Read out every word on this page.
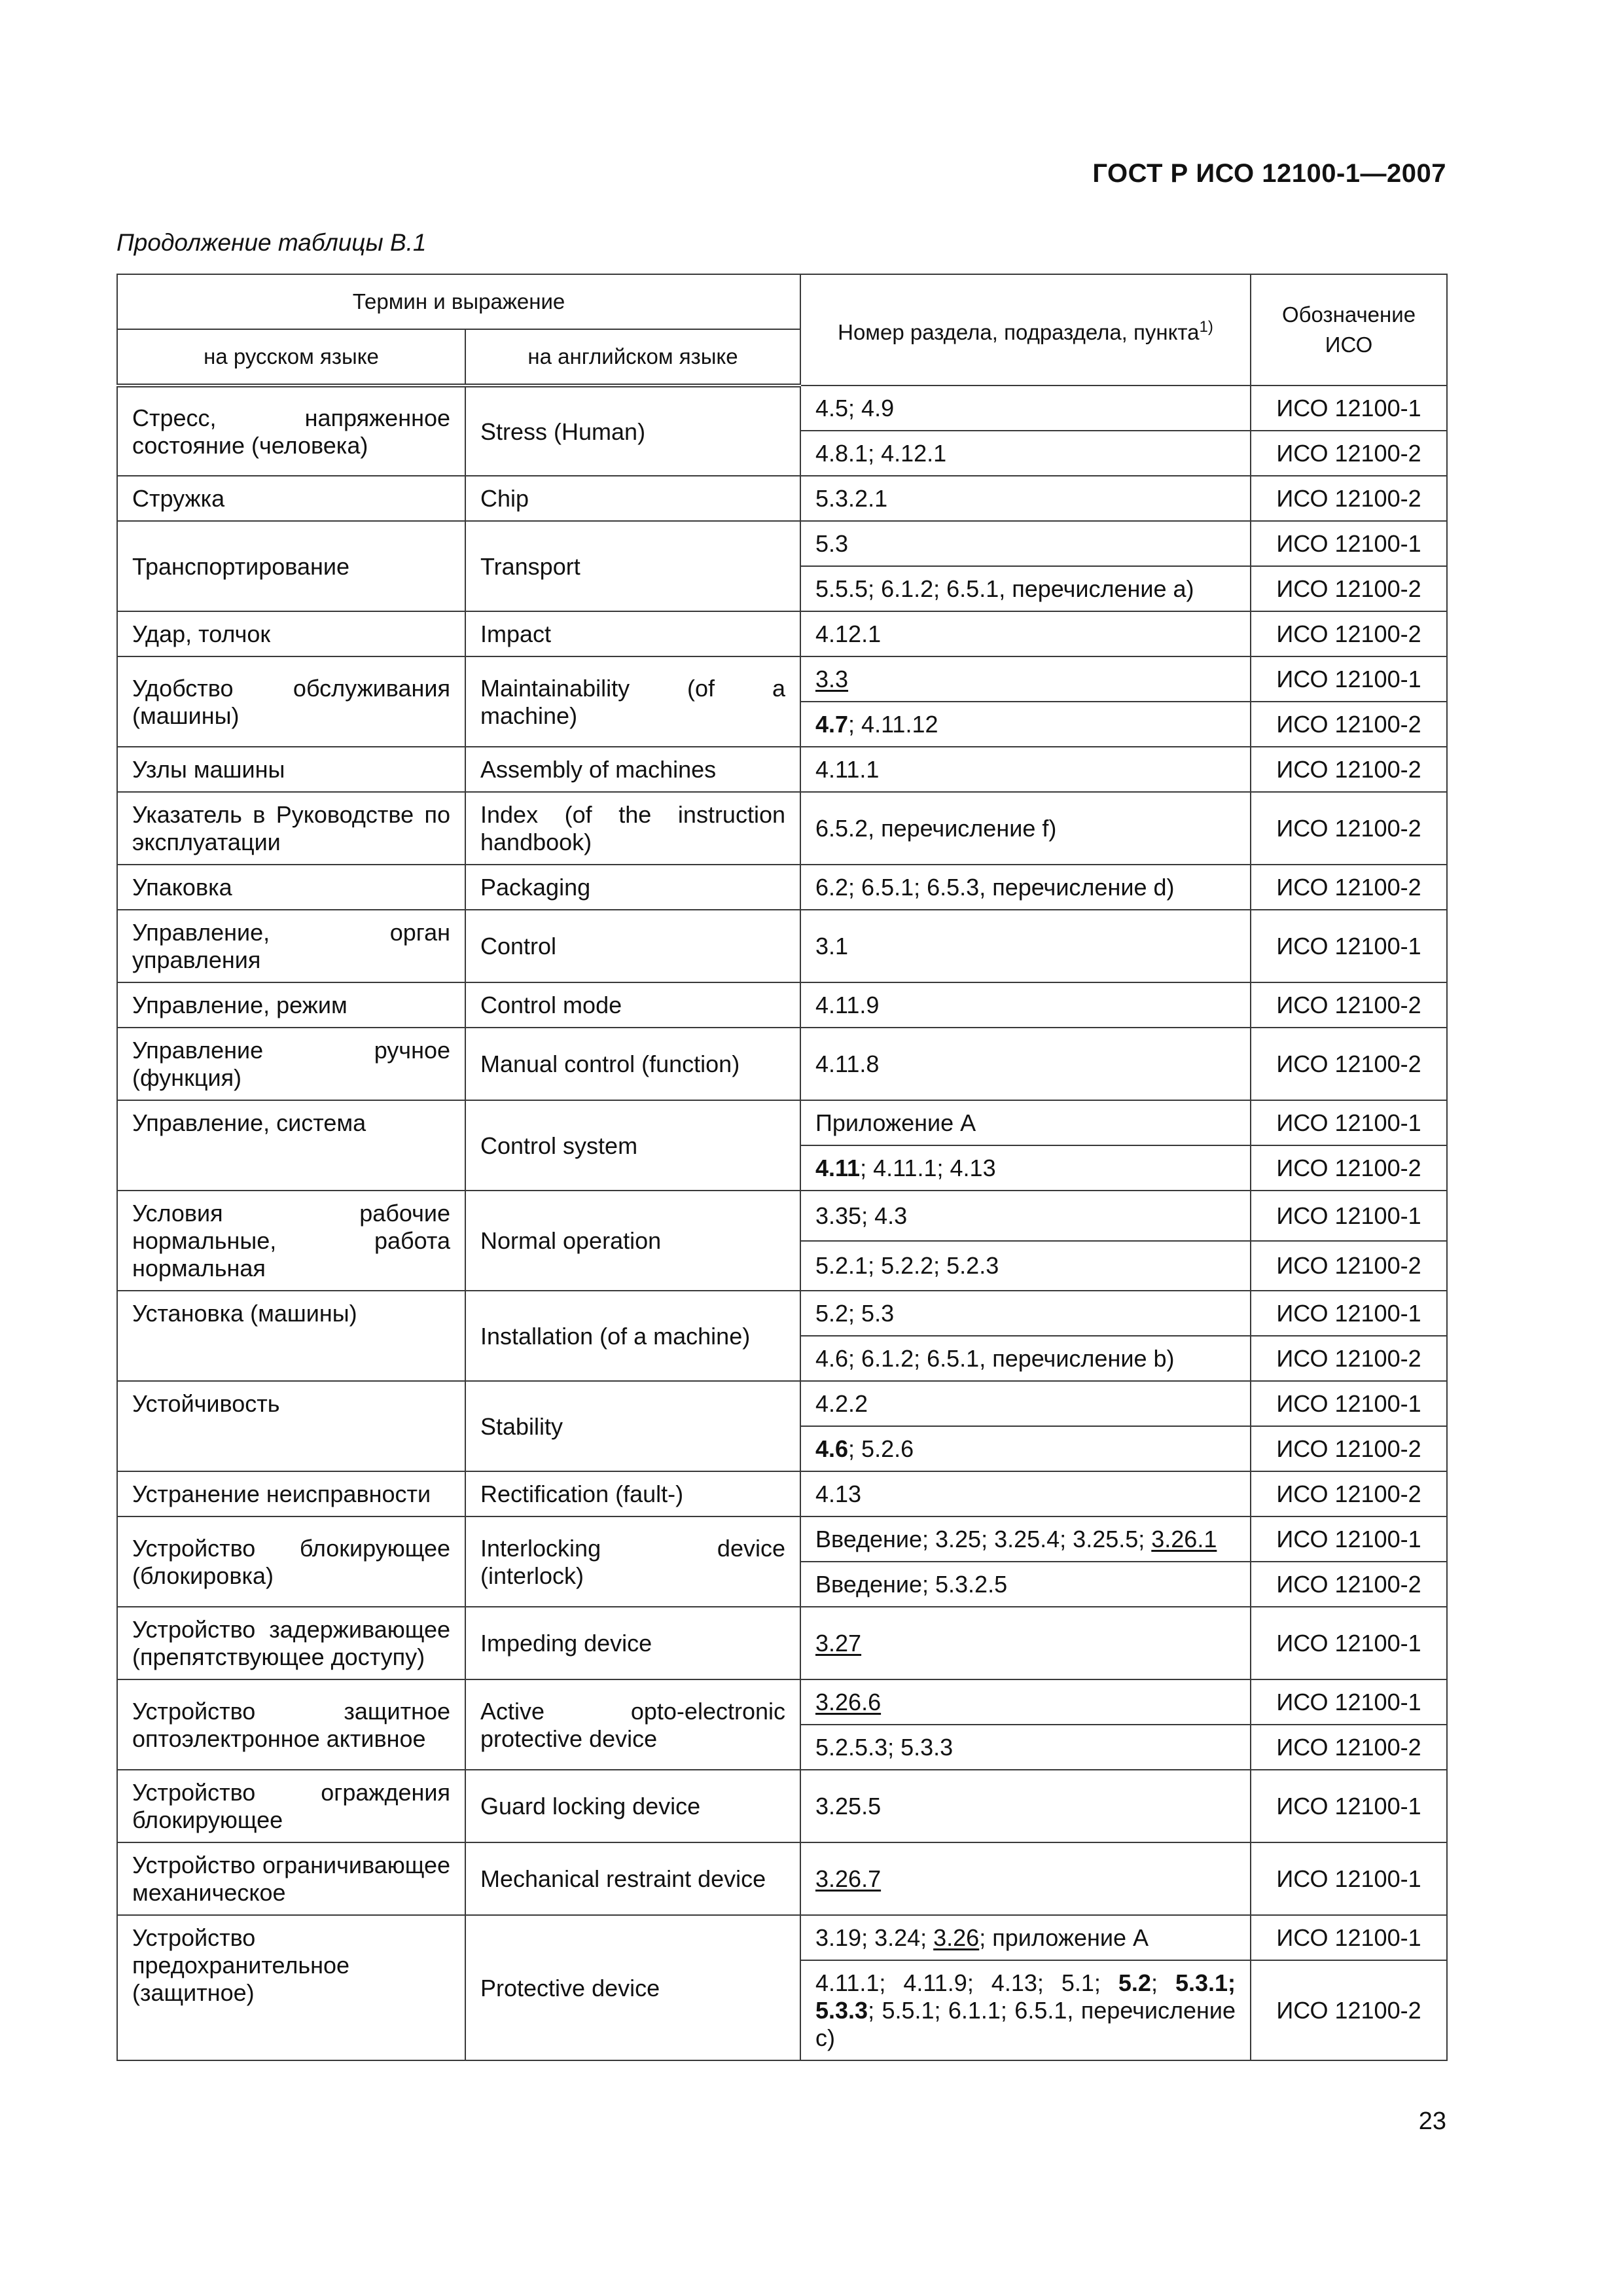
ГОСТ Р ИСО 12100-1—2007
Продолжение таблицы В.1
Термин и выражение		Номер раздела, подраздела, пункта$^{1)}$	Обозначение ИСО
на русском языке	на английском языке		
Стресс, напряженное состояние (человека)	Stress (Human)	4.5; 4.9	ИСО 12100-1
		4.8.1; 4.12.1	ИСО 12100-2
Стружка	Chip	5.3.2.1	ИСО 12100-2
Транспортирование	Transport	5.3	ИСО 12100-1
		5.5.5; 6.1.2; 6.5.1, перечисление а)	ИСО 12100-2
Удар, толчок	Impact	4.12.1	ИСО 12100-2
Удобство обслуживания (машины)	Maintainability (of a machine)	3.3	ИСО 12100-1
		4.7; 4.11.12	ИСО 12100-2
Узлы машины	Assembly of machines	4.11.1	ИСО 12100-2
Указатель в Руководстве по эксплуатации	Index (of the instruction handbook)	6.5.2, перечисление f)	ИСО 12100-2
Упаковка	Packaging	6.2; 6.5.1; 6.5.3, перечисление d)	ИСО 12100-2
Управление, орган управления	Control	3.1	ИСО 12100-1
Управление, режим	Control mode	4.11.9	ИСО 12100-2
Управление ручное (функция)	Manual control (function)	4.11.8	ИСО 12100-2
Управление, система	Control system	Приложение А	ИСО 12100-1
		4.11; 4.11.1; 4.13	ИСО 12100-2
Условия рабочие нормальные, работа нормальная	Normal operation	3.35; 4.3	ИСО 12100-1
		5.2.1; 5.2.2; 5.2.3	ИСО 12100-2
Установка (машины)	Installation (of a machine)	5.2; 5.3	ИСО 12100-1
		4.6; 6.1.2; 6.5.1, перечисление b)	ИСО 12100-2
Устойчивость	Stability	4.2.2	ИСО 12100-1
		4.6; 5.2.6	ИСО 12100-2
Устранение неисправности	Rectification (fault-)	4.13	ИСО 12100-2
Устройство блокирующее (блокировка)	Interlocking device (interlock)	Введение; 3.25; 3.25.4; 3.25.5; 3.26.1	ИСО 12100-1
		Введение; 5.3.2.5	ИСО 12100-2
Устройство задерживающее (препятствующее доступу)	Impeding device	3.27	ИСО 12100-1
Устройство защитное оптоэлектронное активное	Active opto-electronic protective device	3.26.6	ИСО 12100-1
		5.2.5.3; 5.3.3	ИСО 12100-2
Устройство ограждения блокирующее	Guard locking device	3.25.5	ИСО 12100-1
Устройство ограничивающее механическое	Mechanical restraint device	3.26.7	ИСО 12100-1
Устройство предохранительное (защитное)	Protective device	3.19; 3.24; 3.26; приложение А	ИСО 12100-1
		4.11.1; 4.11.9; 4.13; 5.1; 5.2; 5.3.1; 5.3.3; 5.5.1; 6.1.1; 6.5.1, перечисление с)	ИСО 12100-2
23
